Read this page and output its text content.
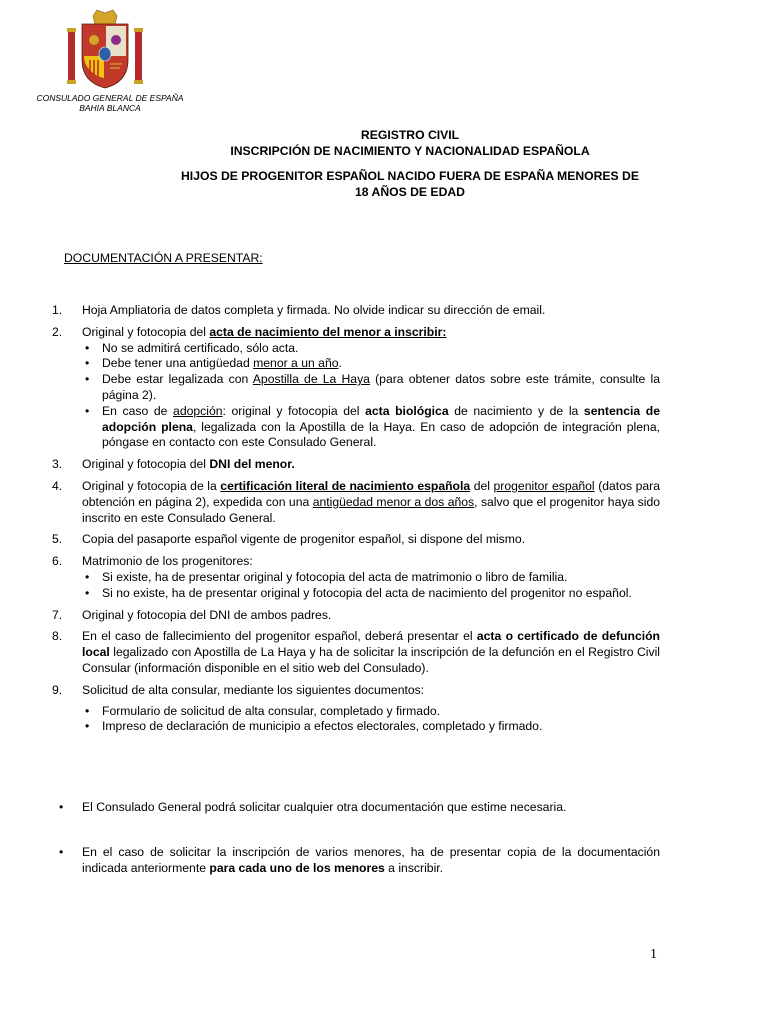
CONSULADO GENERAL DE ESPAÑA
BAHIA BLANCA
REGISTRO CIVIL
INSCRIPCIÓN DE NACIMIENTO Y NACIONALIDAD ESPAÑOLA
HIJOS DE PROGENITOR ESPAÑOL NACIDO FUERA DE ESPAÑA MENORES DE
18 AÑOS DE EDAD
DOCUMENTACIÓN A PRESENTAR:
1.	Hoja Ampliatoria de datos completa y firmada. No olvide indicar su dirección de email.
2.	Original y fotocopia del acta de nacimiento del menor a inscribir:
• No se admitirá certificado, sólo acta.
• Debe tener una antigüedad menor a un año.
• Debe estar legalizada con Apostilla de La Haya (para obtener datos sobre este trámite, consulte la página 2).
• En caso de adopción: original y fotocopia del acta biológica de nacimiento y de la sentencia de adopción plena, legalizada con la Apostilla de la Haya. En caso de adopción de integración plena, póngase en contacto con este Consulado General.
3.	Original y fotocopia del DNI del menor.
4.	Original y fotocopia de la certificación literal de nacimiento española del progenitor español (datos para obtención en página 2), expedida con una antigüedad menor a dos años, salvo que el progenitor haya sido inscrito en este Consulado General.
5.	Copia del pasaporte español vigente de progenitor español, si dispone del mismo.
6.	Matrimonio de los progenitores:
• Si existe, ha de presentar original y fotocopia del acta de matrimonio o libro de familia.
• Si no existe, ha de presentar original y fotocopia del acta de nacimiento del progenitor no español.
7.	Original y fotocopia del DNI de ambos padres.
8.	En el caso de fallecimiento del progenitor español, deberá presentar el acta o certificado de defunción local legalizado con Apostilla de La Haya y ha de solicitar la inscripción de la defunción en el Registro Civil Consular (información disponible en el sitio web del Consulado).
9.	Solicitud de alta consular, mediante los siguientes documentos:
• Formulario de solicitud de alta consular, completado y firmado.
• Impreso de declaración de municipio a efectos electorales, completado y firmado.
•	El Consulado General podrá solicitar cualquier otra documentación que estime necesaria.
•	En el caso de solicitar la inscripción de varios menores, ha de presentar copia de la documentación indicada anteriormente para cada uno de los menores a inscribir.
1
